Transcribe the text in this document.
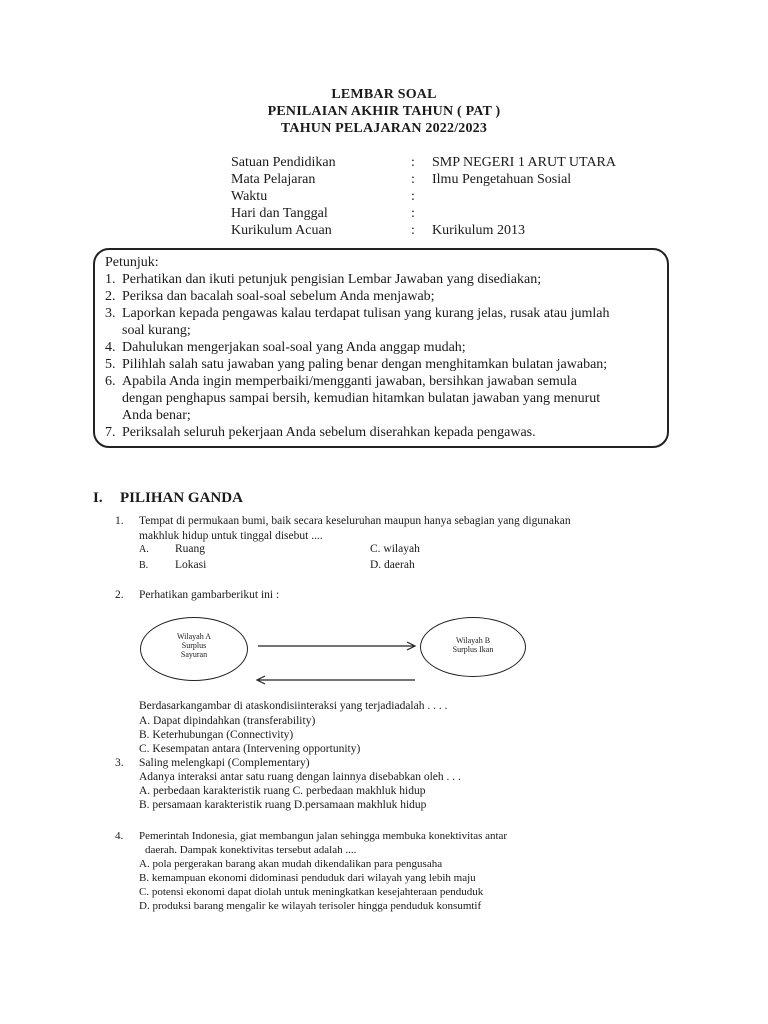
LEMBAR SOAL
PENILAIAN AKHIR TAHUN ( PAT )
TAHUN PELAJARAN 2022/2023
Satuan Pendidikan	: SMP NEGERI 1 ARUT UTARA
Mata Pelajaran	: Ilmu Pengetahuan Sosial
Waktu	:
Hari dan Tanggal	:
Kurikulum Acuan	: Kurikulum 2013
Petunjuk:
1. Perhatikan dan ikuti petunjuk pengisian Lembar Jawaban yang disediakan;
2. Periksa dan bacalah soal-soal sebelum Anda menjawab;
3. Laporkan kepada pengawas kalau terdapat tulisan yang kurang jelas, rusak atau jumlah
soal kurang;
4. Dahulukan mengerjakan soal-soal yang Anda anggap mudah;
5. Pilihlah salah satu jawaban yang paling benar dengan menghitamkan bulatan jawaban;
6. Apabila Anda ingin memperbaiki/mengganti jawaban, bersihkan jawaban semula
dengan penghapus sampai bersih, kemudian hitamkan bulatan jawaban yang menurut
Anda benar;
7. Periksalah seluruh pekerjaan Anda sebelum diserahkan kepada pengawas.
I. PILIHAN GANDA
1. Tempat di permukaan bumi, baik secara keseluruhan maupun hanya sebagian yang digunakan
makhluk hidup untuk tinggal disebut ....
A. Ruang	C. wilayah
B. Lokasi	D. daerah
2. Perhatikan gambarberikut ini :
Wilayah A
Surplus
Sayuran
Wilayah B
Surplus Ikan
Berdasarkangambar di ataskondisiinteraksi yang terjadiadalah . . . .
A. Dapat dipindahkan (transferability)
B. Keterhubungan (Connectivity)
C. Kesempatan antara (Intervening opportunity)
3. Saling melengkapi (Complementary)
Adanya interaksi antar satu ruang dengan lainnya disebabkan oleh . . .
A. perbedaan karakteristik ruang C. perbedaan makhluk hidup
B. persamaan karakteristik ruang D.persamaan makhluk hidup
4. Pemerintah Indonesia, giat membangun jalan sehingga membuka konektivitas antar
daerah. Dampak konektivitas tersebut adalah ....
A. pola pergerakan barang akan mudah dikendalikan para pengusaha
B. kemampuan ekonomi didominasi penduduk dari wilayah yang lebih maju
C. potensi ekonomi dapat diolah untuk meningkatkan kesejahteraan penduduk
D. produksi barang mengalir ke wilayah terisoler hingga penduduk konsumtif
